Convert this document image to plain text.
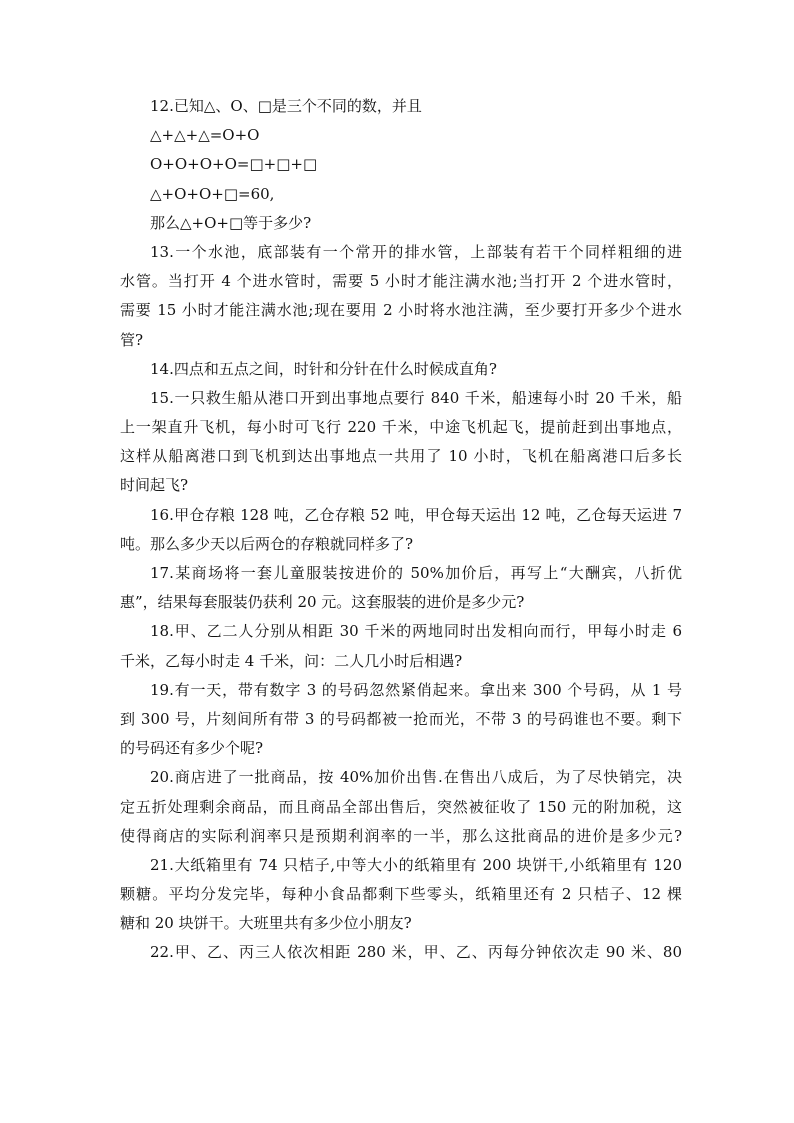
12.已知△、O、□是三个不同的数，并且
△+△+△=O+O
O+O+O+O=□+□+□
△+O+O+□=60,
那么△+O+□等于多少?
13.一个水池，底部装有一个常开的排水管，上部装有若干个同样粗细的进
水管。当打开 4 个进水管时，需要 5 小时才能注满水池;当打开 2 个进水管时，
需要 15 小时才能注满水池;现在要用 2 小时将水池注满，至少要打开多少个进水
管?
14.四点和五点之间，时针和分针在什么时候成直角?
15.一只救生船从港口开到出事地点要行 840 千米，船速每小时 20 千米，船
上一架直升飞机，每小时可飞行 220 千米，中途飞机起飞，提前赶到出事地点，
这样从船离港口到飞机到达出事地点一共用了 10 小时，飞机在船离港口后多长
时间起飞?
16.甲仓存粮 128 吨，乙仓存粮 52 吨，甲仓每天运出 12 吨，乙仓每天运进 7
吨。那么多少天以后两仓的存粮就同样多了?
17.某商场将一套儿童服装按进价的 50%加价后，再写上“大酬宾，八折优
惠”，结果每套服装仍获利 20 元。这套服装的进价是多少元?
18.甲、乙二人分别从相距 30 千米的两地同时出发相向而行，甲每小时走 6
千米，乙每小时走 4 千米，问：二人几小时后相遇?
19.有一天，带有数字 3 的号码忽然紧俏起来。拿出来 300 个号码，从 1 号
到 300 号，片刻间所有带 3 的号码都被一抢而光，不带 3 的号码谁也不要。剩下
的号码还有多少个呢?
20.商店进了一批商品，按 40%加价出售.在售出八成后，为了尽快销完，决
定五折处理剩余商品，而且商品全部出售后，突然被征收了 150 元的附加税，这
使得商店的实际利润率只是预期利润率的一半，那么这批商品的进价是多少元?
21.大纸箱里有 74 只桔子,中等大小的纸箱里有 200 块饼干,小纸箱里有 120
颗糖。平均分发完毕，每种小食品都剩下些零头，纸箱里还有 2 只桔子、12 棵
糖和 20 块饼干。大班里共有多少位小朋友?
22.甲、乙、丙三人依次相距 280 米，甲、乙、丙每分钟依次走 90 米、80
